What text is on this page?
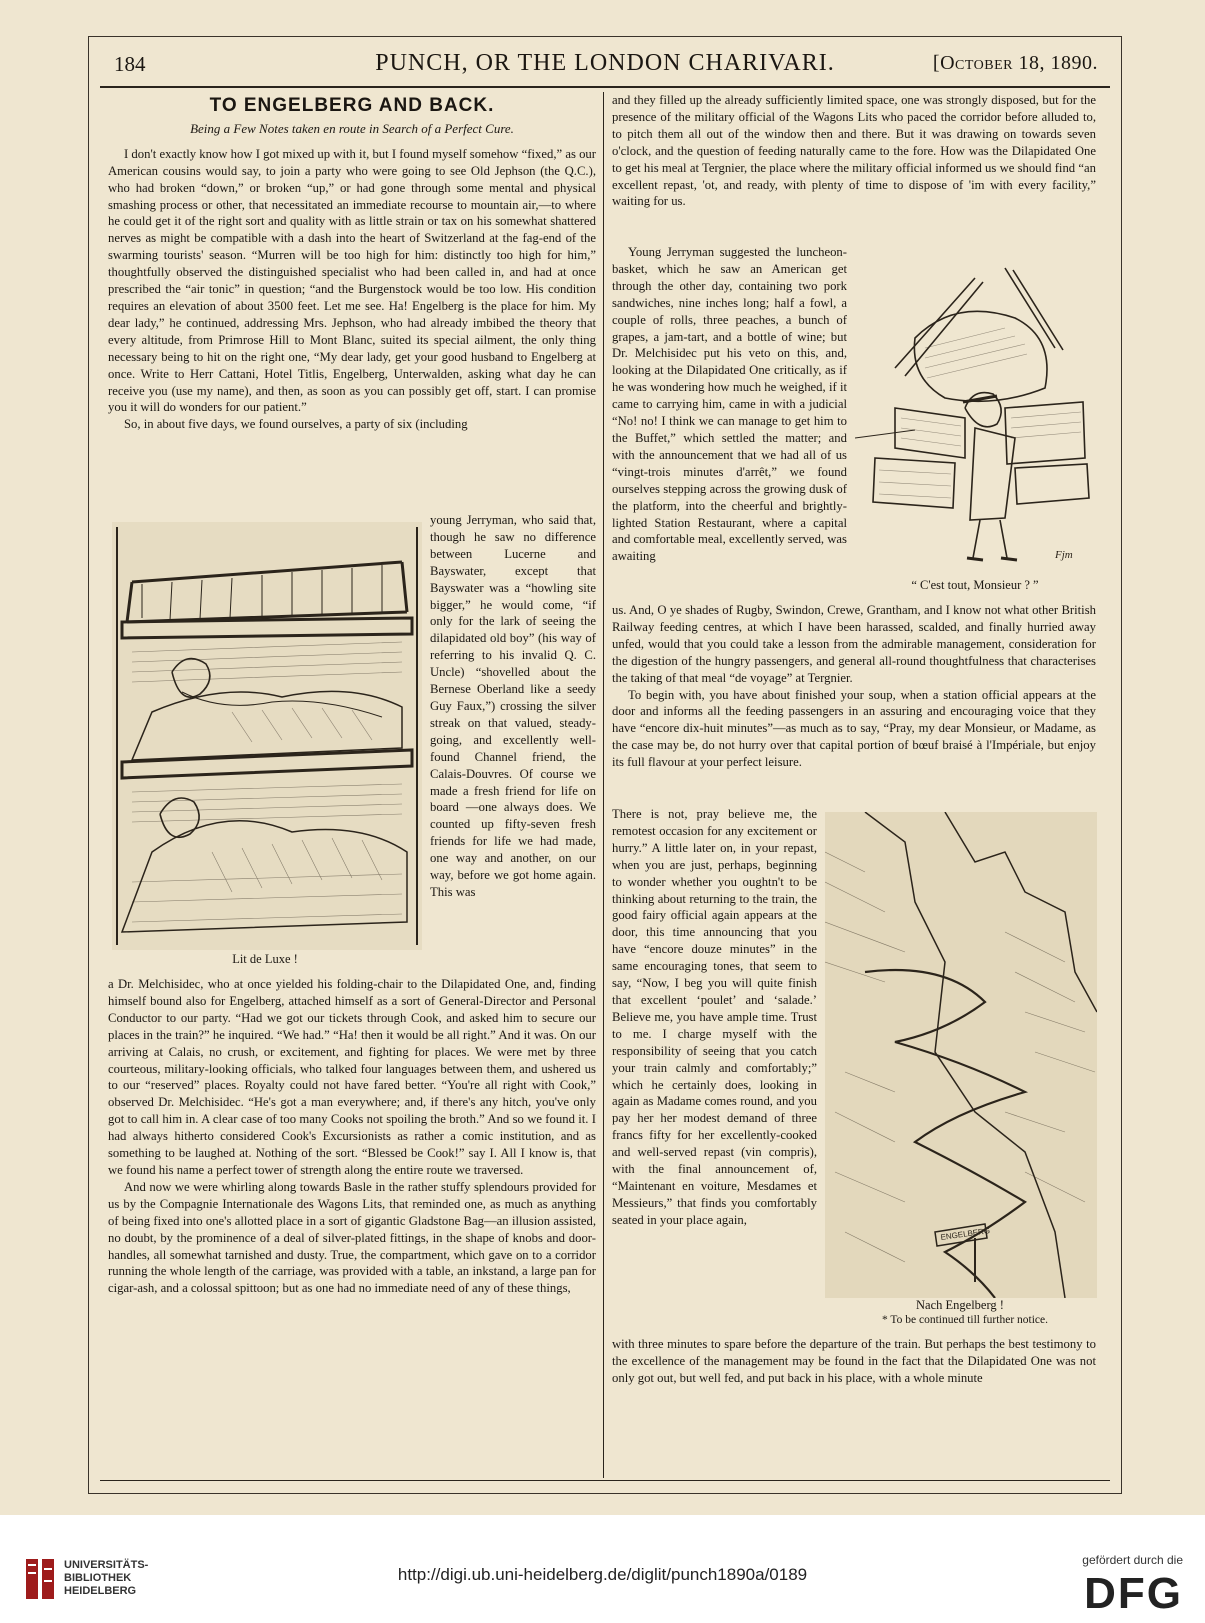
184	PUNCH, OR THE LONDON CHARIVARI.	[October 18, 1890.
TO ENGELBERG AND BACK.
Being a Few Notes taken en route in Search of a Perfect Cure.

I don't exactly know how I got mixed up with it, but I found myself somehow “fixed,” as our American cousins would say, to join a party who were going to see Old Jephson (the Q.C.), who had broken “down,” or broken “up,” or had gone through some mental and physical smashing process or other, that necessitated an immediate recourse to mountain air,—to where he could get it of the right sort and quality with as little strain or tax on his somewhat shattered nerves as might be compatible with a dash into the heart of Switzerland at the fag-end of the swarming tourists' season. “Murren will be too high for him: distinctly too high for him,” thoughtfully observed the distinguished specialist who had been called in, and had at once prescribed the “air tonic” in question; “and the Burgenstock would be too low. His condition requires an elevation of about 3500 feet. Let me see. Ha! Engelberg is the place for him. My dear lady,” he continued, addressing Mrs. Jephson, who had already imbibed the theory that every altitude, from Primrose Hill to Mont Blanc, suited its special ailment, the only thing necessary being to hit on the right one, “My dear lady, get your good husband to Engelberg at once. Write to Herr Cattani, Hotel Titlis, Engelberg, Unterwalden, asking what day he can receive you (use my name), and then, as soon as you can possibly get off, start. I can promise you it will do wonders for our patient.”

So, in about five days, we found ourselves, a party of six (including

Lit de Luxe !

young Jerryman, who said that, though he saw no difference between Lucerne and Bayswater, except that Bayswater was a “howling site bigger,” he would come, “if only for the lark of seeing the dilapidated old boy” (his way of referring to his invalid Q. C. Uncle) “shovelled about the Bernese Oberland like a seedy Guy Faux,”) crossing the silver streak on that valued, steady-going, and excellently well-found Channel friend, the Calais-Douvres. Of course we made a fresh friend for life on board —one always does. We counted up fifty-seven fresh friends for life we had made, one way and another, on our way, before we got home again. This was

a Dr. Melchisidec, who at once yielded his folding-chair to the Dilapidated One, and, finding himself bound also for Engelberg, attached himself as a sort of General-Director and Personal Conductor to our party. “Had we got our tickets through Cook, and asked him to secure our places in the train?” he inquired. “We had.” “Ha! then it would be all right.” And it was. On our arriving at Calais, no crush, or excitement, and fighting for places. We were met by three courteous, military-looking officials, who talked four languages between them, and ushered us to our “reserved” places. Royalty could not have fared better. “You're all right with Cook,” observed Dr. Melchisidec. “He's got a man everywhere; and, if there's any hitch, you've only got to call him in. A clear case of too many Cooks not spoiling the broth.” And so we found it. I had always hitherto considered Cook's Excursionists as rather a comic institution, and as something to be laughed at. Nothing of the sort. “Blessed be Cook!” say I. All I know is, that we found his name a perfect tower of strength along the entire route we traversed.

And now we were whirling along towards Basle in the rather stuffy splendours provided for us by the Compagnie Internationale des Wagons Lits, that reminded one, as much as anything of being fixed into one's allotted place in a sort of gigantic Gladstone Bag—an illusion assisted, no doubt, by the prominence of a deal of silver-plated fittings, in the shape of knobs and door-handles, all somewhat tarnished and dusty. True, the compartment, which gave on to a corridor running the whole length of the carriage, was provided with a table, an inkstand, a large pan for cigar-ash, and a colossal spittoon; but as one had no immediate need of any of these things,

and they filled up the already sufficiently limited space, one was strongly disposed, but for the presence of the military official of the Wagons Lits who paced the corridor before alluded to, to pitch them all out of the window then and there. But it was drawing on towards seven o'clock, and the question of feeding naturally came to the fore. How was the Dilapidated One to get his meal at Tergnier, the place where the military official informed us we should find “an excellent repast, 'ot, and ready, with plenty of time to dispose of 'im with every facility,” waiting for us.

Young Jerryman suggested the luncheon-basket, which he saw an American get through the other day, containing two pork sandwiches, nine inches long; half a fowl, a couple of rolls, three peaches, a bunch of grapes, a jam-tart, and a bottle of wine; but Dr. Melchisidec put his veto on this, and, looking at the Dilapidated One critically, as if he was wondering how much he weighed, if it came to carrying him, came in with a judicial “No! no! I think we can manage to get him to the Buffet,” which settled the matter; and with the announcement that we had all of us “vingt-trois minutes d'arrêt,” we found ourselves stepping across the growing dusk of the platform, into the cheerful and brightly-lighted Station Restaurant, where a capital and comfortable meal, excellently served, was awaiting	Fjm
“ C'est tout, Monsieur ? ”

us. And, O ye shades of Rugby, Swindon, Crewe, Grantham, and I know not what other British Railway feeding centres, at which I have been harassed, scalded, and finally hurried away unfed, would that you could take a lesson from the admirable management, consideration for the digestion of the hungry passengers, and general all-round thoughtfulness that characterises the taking of that meal “de voyage” at Tergnier.

To begin with, you have about finished your soup, when a station official appears at the door and informs all the feeding passengers in an assuring and encouraging voice that they have “encore dix-huit minutes”—as much as to say, “Pray, my dear Monsieur, or Madame, as the case may be, do not hurry over that capital portion of bœuf braisé à l'Impériale, but enjoy its full flavour at your perfect leisure.

There is not, pray believe me, the remotest occasion for any excitement or hurry.” A little later on, in your repast, when you are just, perhaps, beginning to wonder whether you oughtn't to be thinking about returning to the train, the good fairy official again appears at the door, this time announcing that you have “encore douze minutes” in the same encouraging tones, that seem to say, “Now, I beg you will quite finish that excellent ‘poulet’ and ‘salade.’ Believe me, you have ample time. Trust to me. I charge myself with the responsibility of seeing that you catch your train calmly and comfortably;” which he certainly does, looking in again as Madame comes round, and you pay her her modest demand of three francs fifty for her excellently-cooked and well-served repast (vin compris), with the final announcement of, “Maintenant en voiture, Mesdames et Messieurs,” that finds you comfortably seated in your place again,

ENGELBERG
Nach Engelberg !
* To be continued till further notice.

with three minutes to spare before the departure of the train. But perhaps the best testimony to the excellence of the management may be found in the fact that the Dilapidated One was not only got out, but well fed, and put back in his place, with a whole minute

UNIVERSITÄTS-
BIBLIOTHEK
HEIDELBERG
http://digi.ub.uni-heidelberg.de/diglit/punch1890a/0189
gefördert durch die
DFG
